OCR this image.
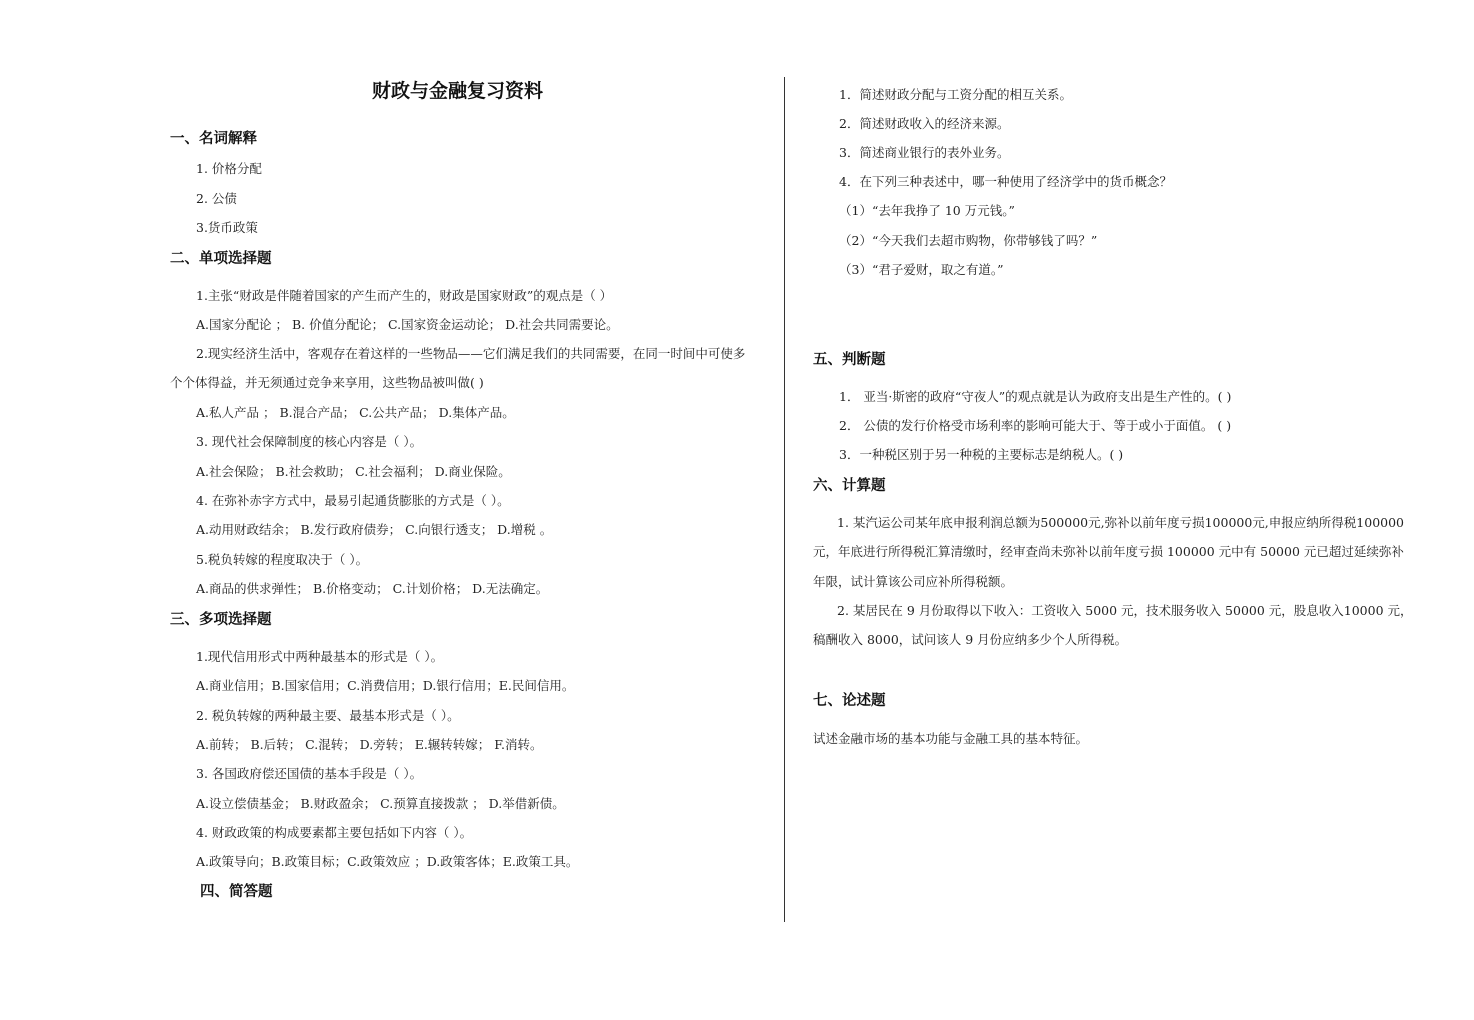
财政与金融复习资料
一、名词解释
1. 价格分配
2. 公债
3.货币政策
二、单项选择题
1.主张“财政是伴随着国家的产生而产生的，财政是国家财政”的观点是（ ）
A.国家分配论 ； B. 价值分配论； C.国家资金运动论； D.社会共同需要论。
2.现实经济生活中，客观存在着这样的一些物品——它们满足我们的共同需要，在同一时间中可使多
个个体得益，并无须通过竞争来享用，这些物品被叫做( )
A.私人产品 ； B.混合产品； C.公共产品； D.集体产品。
3. 现代社会保障制度的核心内容是（ ）。
A.社会保险； B.社会救助； C.社会福利； D.商业保险。
4. 在弥补赤字方式中，最易引起通货膨胀的方式是（ ）。
A.动用财政结余； B.发行政府债券； C.向银行透支； D.增税 。
5.税负转嫁的程度取决于（ ）。
A.商品的供求弹性； B.价格变动； C.计划价格； D.无法确定。
三、多项选择题
1.现代信用形式中两种最基本的形式是（ ）。
A.商业信用；B.国家信用；C.消费信用；D.银行信用；E.民间信用。
2. 税负转嫁的两种最主要、最基本形式是（ ）。
A.前转； B.后转； C.混转； D.旁转； E.辗转转嫁； F.消转。
3. 各国政府偿还国债的基本手段是（ ）。
A.设立偿债基金； B.财政盈余； C.预算直接拨款 ； D.举借新债。
4. 财政政策的构成要素都主要包括如下内容（ ）。
A.政策导向；B.政策目标；C.政策效应 ；D.政策客体；E.政策工具。
四、简答题
1．简述财政分配与工资分配的相互关系。
2．简述财政收入的经济来源。
3．简述商业银行的表外业务。
4．在下列三种表述中，哪一种使用了经济学中的货币概念？
（1）“去年我挣了 10 万元钱。”
（2）“今天我们去超市购物，你带够钱了吗？”
（3）“君子爱财，取之有道。”
五、判断题
1． 亚当·斯密的政府“守夜人”的观点就是认为政府支出是生产性的。( )
2． 公债的发行价格受市场利率的影响可能大于、等于或小于面值。 ( )
3．一种税区别于另一种税的主要标志是纳税人。( )
六、计算题
1. 某汽运公司某年底申报利润总额为500000元,弥补以前年度亏损100000元,申报应纳所得税100000
元，年底进行所得税汇算清缴时，经审查尚未弥补以前年度亏损 100000 元中有 50000 元已超过延续弥补
年限，试计算该公司应补所得税额。
2. 某居民在 9 月份取得以下收入：工资收入 5000 元，技术服务收入 50000 元，股息收入10000 元，
稿酬收入 8000，试问该人 9 月份应纳多少个人所得税。
七、论述题
试述金融市场的基本功能与金融工具的基本特征。
